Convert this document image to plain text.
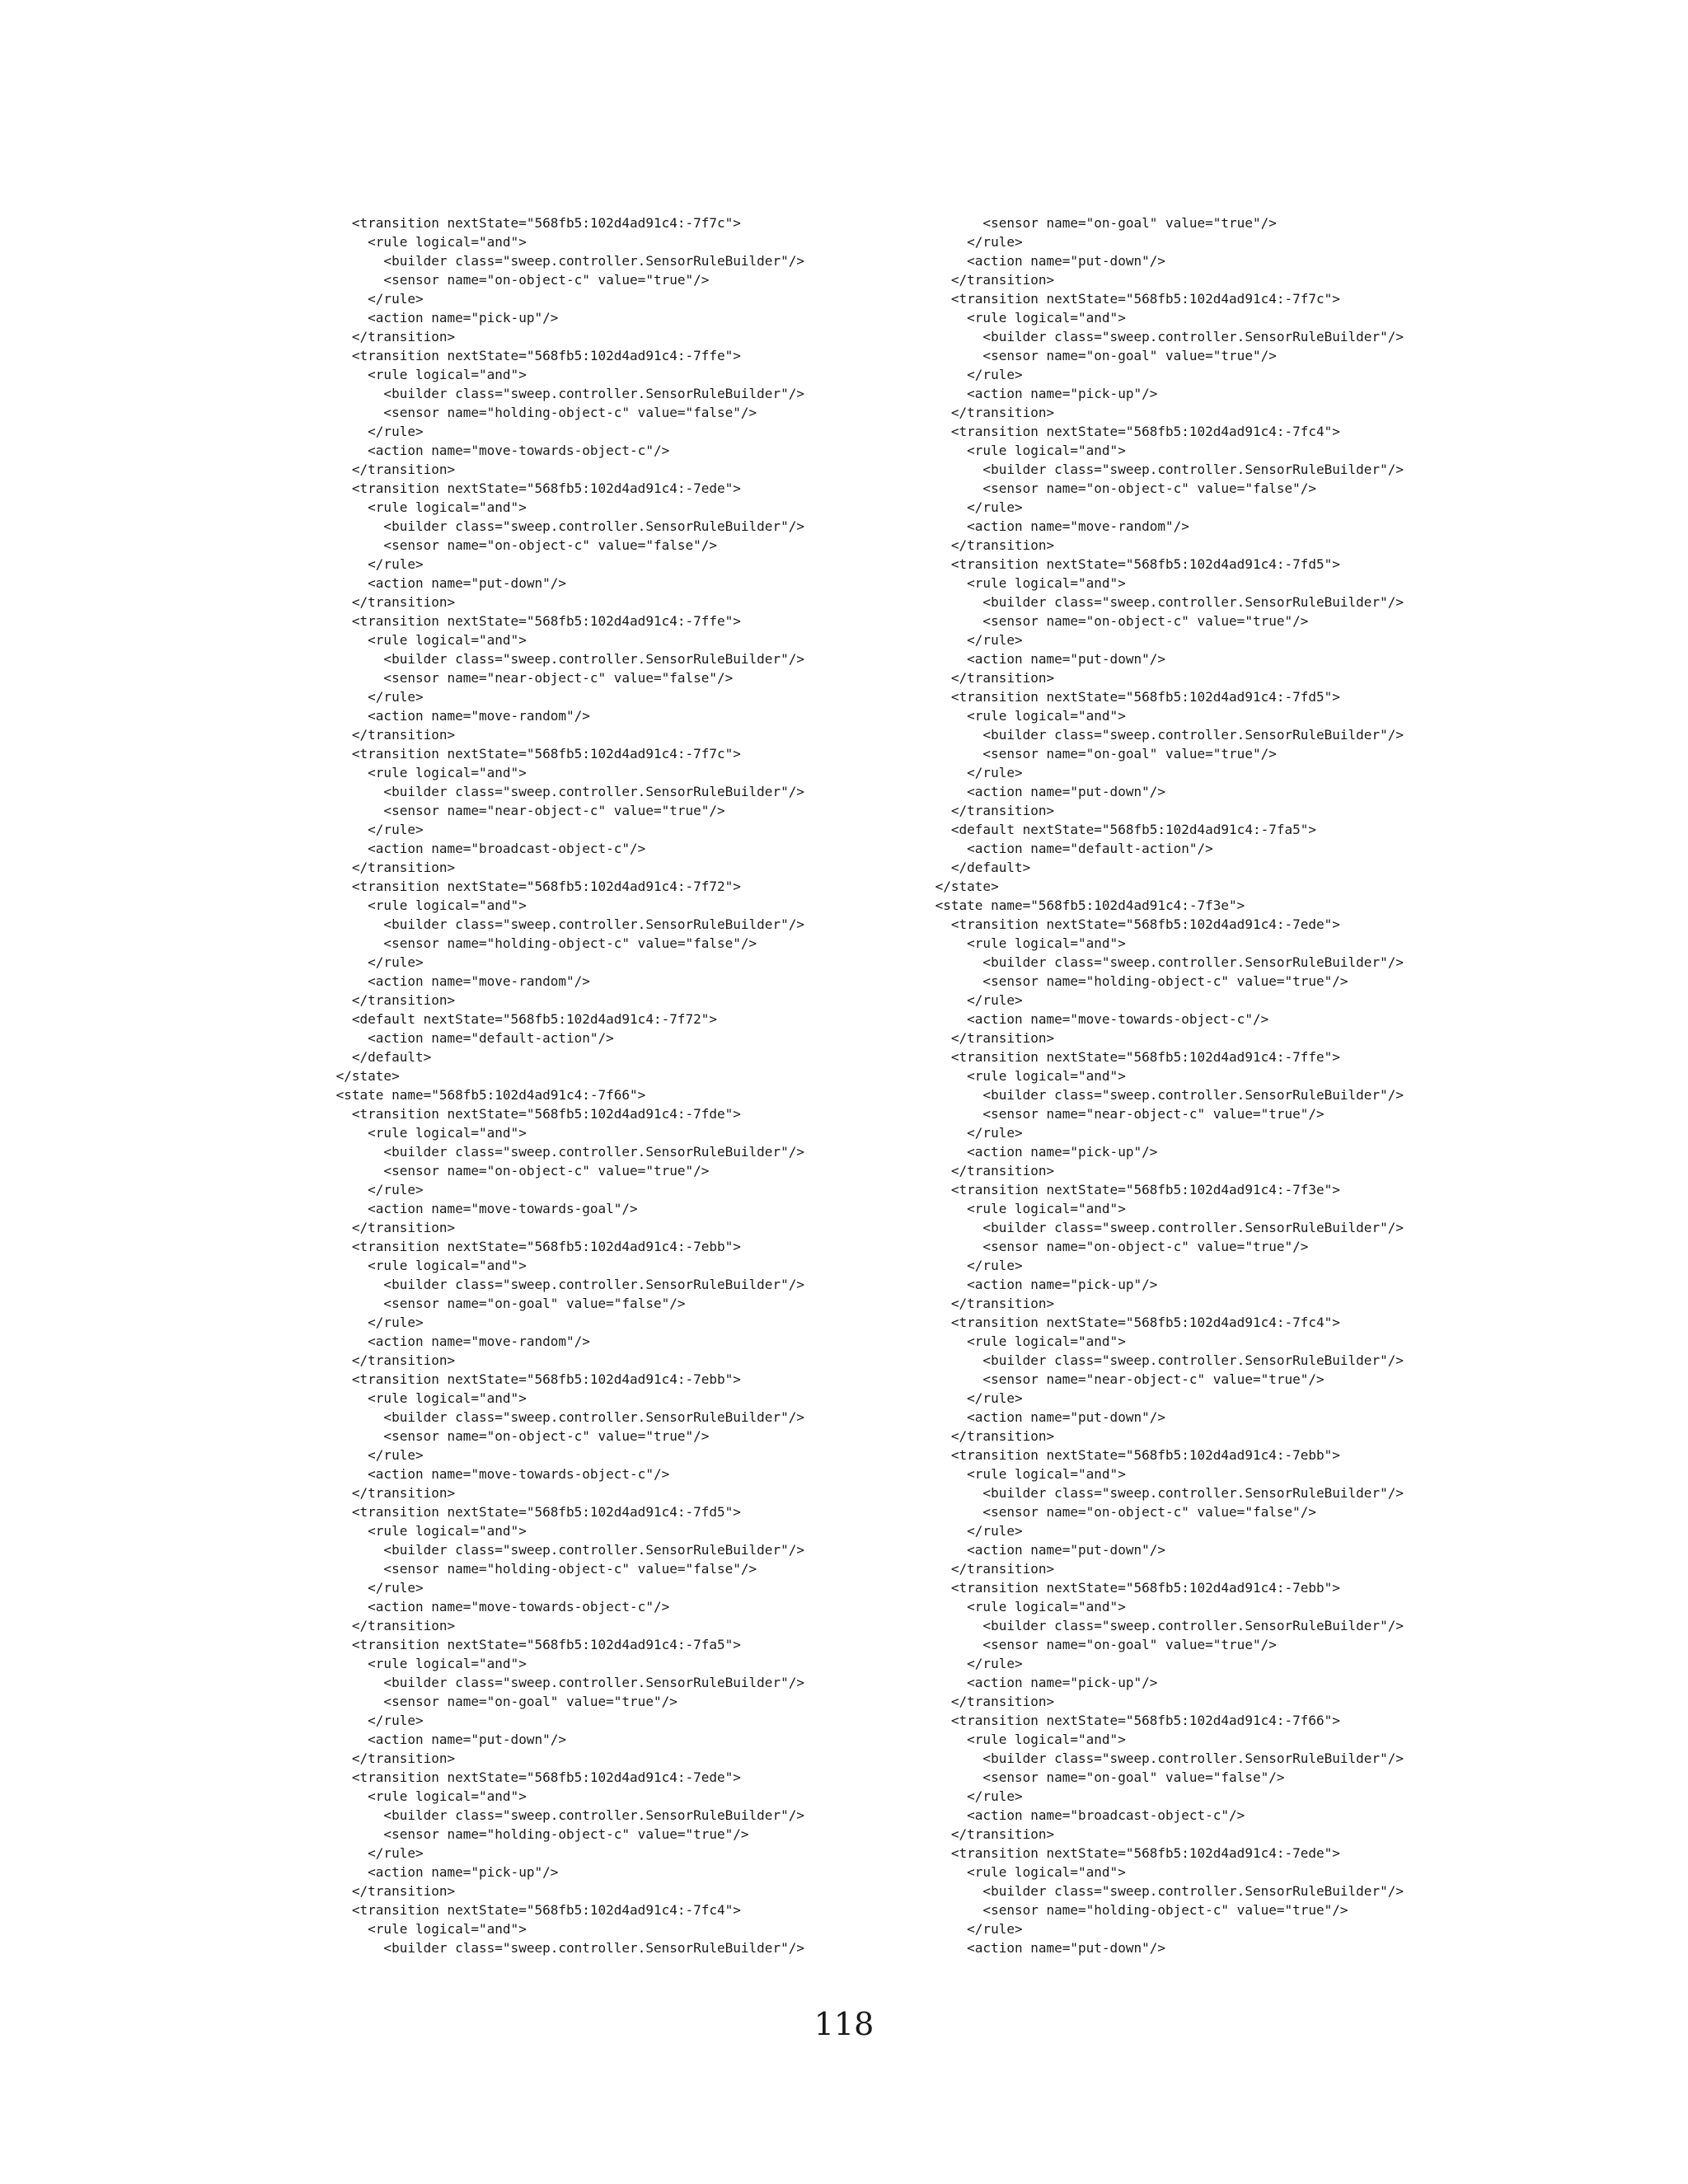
<transition nextState="568fb5:102d4ad91c4:-7f7c">
<rule logical="and">
<builder class="sweep.controller.SensorRuleBuilder"/>
<sensor name="on-object-c" value="true"/>
</rule>
<action name="pick-up"/>
</transition>
<transition nextState="568fb5:102d4ad91c4:-7ffe">
<rule logical="and">
<builder class="sweep.controller.SensorRuleBuilder"/>
<sensor name="holding-object-c" value="false"/>
</rule>
<action name="move-towards-object-c"/>
</transition>
<transition nextState="568fb5:102d4ad91c4:-7ede">
<rule logical="and">
<builder class="sweep.controller.SensorRuleBuilder"/>
<sensor name="on-object-c" value="false"/>
</rule>
<action name="put-down"/>
</transition>
<transition nextState="568fb5:102d4ad91c4:-7ffe">
<rule logical="and">
<builder class="sweep.controller.SensorRuleBuilder"/>
<sensor name="near-object-c" value="false"/>
</rule>
<action name="move-random"/>
</transition>
<transition nextState="568fb5:102d4ad91c4:-7f7c">
<rule logical="and">
<builder class="sweep.controller.SensorRuleBuilder"/>
<sensor name="near-object-c" value="true"/>
</rule>
<action name="broadcast-object-c"/>
</transition>
<transition nextState="568fb5:102d4ad91c4:-7f72">
<rule logical="and">
<builder class="sweep.controller.SensorRuleBuilder"/>
<sensor name="holding-object-c" value="false"/>
</rule>
<action name="move-random"/>
</transition>
<default nextState="568fb5:102d4ad91c4:-7f72">
<action name="default-action"/>
</default>
</state>
<state name="568fb5:102d4ad91c4:-7f66">
<transition nextState="568fb5:102d4ad91c4:-7fde">
<rule logical="and">
<builder class="sweep.controller.SensorRuleBuilder"/>
<sensor name="on-object-c" value="true"/>
</rule>
<action name="move-towards-goal"/>
</transition>
<transition nextState="568fb5:102d4ad91c4:-7ebb">
<rule logical="and">
<builder class="sweep.controller.SensorRuleBuilder"/>
<sensor name="on-goal" value="false"/>
</rule>
<action name="move-random"/>
</transition>
<transition nextState="568fb5:102d4ad91c4:-7ebb">
<rule logical="and">
<builder class="sweep.controller.SensorRuleBuilder"/>
<sensor name="on-object-c" value="true"/>
</rule>
<action name="move-towards-object-c"/>
</transition>
<transition nextState="568fb5:102d4ad91c4:-7fd5">
<rule logical="and">
<builder class="sweep.controller.SensorRuleBuilder"/>
<sensor name="holding-object-c" value="false"/>
</rule>
<action name="move-towards-object-c"/>
</transition>
<transition nextState="568fb5:102d4ad91c4:-7fa5">
<rule logical="and">
<builder class="sweep.controller.SensorRuleBuilder"/>
<sensor name="on-goal" value="true"/>
</rule>
<action name="put-down"/>
</transition>
<transition nextState="568fb5:102d4ad91c4:-7ede">
<rule logical="and">
<builder class="sweep.controller.SensorRuleBuilder"/>
<sensor name="holding-object-c" value="true"/>
</rule>
<action name="pick-up"/>
</transition>
<transition nextState="568fb5:102d4ad91c4:-7fc4">
<rule logical="and">
<builder class="sweep.controller.SensorRuleBuilder"/>
<sensor name="on-goal" value="true"/>
</rule>
<action name="put-down"/>
</transition>
<transition nextState="568fb5:102d4ad91c4:-7f7c">
<rule logical="and">
<builder class="sweep.controller.SensorRuleBuilder"/>
<sensor name="on-goal" value="true"/>
</rule>
<action name="pick-up"/>
</transition>
<transition nextState="568fb5:102d4ad91c4:-7fc4">
<rule logical="and">
<builder class="sweep.controller.SensorRuleBuilder"/>
<sensor name="on-object-c" value="false"/>
</rule>
<action name="move-random"/>
</transition>
<transition nextState="568fb5:102d4ad91c4:-7fd5">
<rule logical="and">
<builder class="sweep.controller.SensorRuleBuilder"/>
<sensor name="on-object-c" value="true"/>
</rule>
<action name="put-down"/>
</transition>
<transition nextState="568fb5:102d4ad91c4:-7fd5">
<rule logical="and">
<builder class="sweep.controller.SensorRuleBuilder"/>
<sensor name="on-goal" value="true"/>
</rule>
<action name="put-down"/>
</transition>
<default nextState="568fb5:102d4ad91c4:-7fa5">
<action name="default-action"/>
</default>
</state>
<state name="568fb5:102d4ad91c4:-7f3e">
<transition nextState="568fb5:102d4ad91c4:-7ede">
<rule logical="and">
<builder class="sweep.controller.SensorRuleBuilder"/>
<sensor name="holding-object-c" value="true"/>
</rule>
<action name="move-towards-object-c"/>
</transition>
<transition nextState="568fb5:102d4ad91c4:-7ffe">
<rule logical="and">
<builder class="sweep.controller.SensorRuleBuilder"/>
<sensor name="near-object-c" value="true"/>
</rule>
<action name="pick-up"/>
</transition>
<transition nextState="568fb5:102d4ad91c4:-7f3e">
<rule logical="and">
<builder class="sweep.controller.SensorRuleBuilder"/>
<sensor name="on-object-c" value="true"/>
</rule>
<action name="pick-up"/>
</transition>
<transition nextState="568fb5:102d4ad91c4:-7fc4">
<rule logical="and">
<builder class="sweep.controller.SensorRuleBuilder"/>
<sensor name="near-object-c" value="true"/>
</rule>
<action name="put-down"/>
</transition>
<transition nextState="568fb5:102d4ad91c4:-7ebb">
<rule logical="and">
<builder class="sweep.controller.SensorRuleBuilder"/>
<sensor name="on-object-c" value="false"/>
</rule>
<action name="put-down"/>
</transition>
<transition nextState="568fb5:102d4ad91c4:-7ebb">
<rule logical="and">
<builder class="sweep.controller.SensorRuleBuilder"/>
<sensor name="on-goal" value="true"/>
</rule>
<action name="pick-up"/>
</transition>
<transition nextState="568fb5:102d4ad91c4:-7f66">
<rule logical="and">
<builder class="sweep.controller.SensorRuleBuilder"/>
<sensor name="on-goal" value="false"/>
</rule>
<action name="broadcast-object-c"/>
</transition>
<transition nextState="568fb5:102d4ad91c4:-7ede">
<rule logical="and">
<builder class="sweep.controller.SensorRuleBuilder"/>
<sensor name="holding-object-c" value="true"/>
</rule>
<action name="put-down"/>
118
